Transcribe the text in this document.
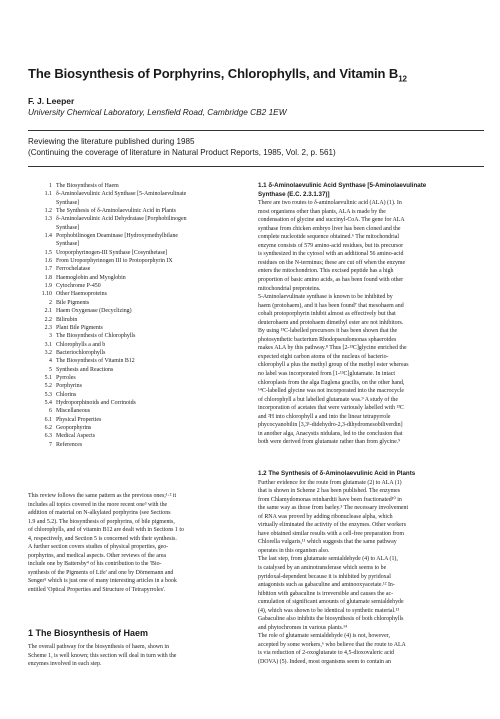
The Biosynthesis of Porphyrins, Chlorophylls, and Vitamin $B_{12}$
F. J. Leeper
University Chemical Laboratory, Lensfield Road, Cambridge CB2 1EW
Reviewing the literature published during 1985
(Continuing the coverage of literature in Natural Product Reports, 1985, Vol. 2, p. 561)
1 The Biosynthesis of Haem
1.1 δ-Aminolaevulinic Acid Synthase [5-Aminolaevulinate
Synthase]
1.2 The Synthesis of δ-Aminolaevulinic Acid in Plants
1.3 δ-Aminolaevulinic Acid Dehydratase [Porphobilinogen
Synthase]
1.4 Porphobilinogen Deaminase [Hydroxymethylbilane
Synthase]
1.5 Uroporphyrinogen-III Synthase [Cosynthetase]
1.6 From Uroporphyrinogen III to Protoporphyrin IX
1.7 Ferrochelatase
1.8 Haemoglobin and Myoglobin
1.9 Cytochrome P-450
1.10 Other Haemoproteins
2 Bile Pigments
2.1 Haem Oxygenase (Decyclizing)
2.2 Bilirubin
2.3 Plant Bile Pigments
3 The Biosynthesis of Chlorophylls
3.1 Chlorophylls a and b
3.2 Bacteriochlorophylls
4 The Biosynthesis of Vitamin B12
5 Synthesis and Reactions
5.1 Pyrroles
5.2 Porphyrins
5.3 Chlorins
5.4 Hydroporphinoids and Corrinoids
6 Miscellaneous
6.1 Physical Properties
6.2 Geoporphyrins
6.3 Medical Aspects
7 References
This review follows the same pattern as the previous ones;¹·² it
includes all topics covered in the more recent one³ with the
addition of material on N-alkylated porphyrins (see Sections
1.9 and 5.2). The biosynthesis of porphyrins, of bile pigments,
of chlorophylls, and of vitamin B12 are dealt with in Sections 1 to
4, respectively, and Section 5 is concerned with their synthesis.
A further section covers studies of physical properties, geo-
porphyrins, and medical aspects. Other reviews of the area
include one by Battersby⁴ of his contribution to the 'Bio-
synthesis of the Pigments of Life' and one by Dörnemann and
Senger⁵ which is just one of many interesting articles in a book
entitled 'Optical Properties and Structure of Tetrapyrroles'.
1 The Biosynthesis of Haem
The overall pathway for the biosynthesis of haem, shown in
Scheme 1, is well known; this section will deal in turn with the
enzymes involved in each step.
1.1 δ-Aminolaevulinic Acid Synthase [5-Aminolaevulinate
Synthase (E.C. 2.3.1.37)]
There are two routes to δ-aminolaevulinic acid (ALA) (1). In
most organisms other than plants, ALA is made by the
condensation of glycine and succinyl-CoA. The gene for ALA
synthase from chicken embryo liver has been cloned and the
complete nucleotide sequence obtained.⁶ The mitochondrial
enzyme consists of 579 amino-acid residues, but its precursor
is synthesized in the cytosol with an additional 56 amino-acid
residues on the N-terminus; these are cut off when the enzyme
enters the mitochondrion. This excised peptide has a high
proportion of basic amino acids, as has been found with other
mitochondrial preproteins.
5-Aminolaevulinate synthase is known to be inhibited by
haem (protohaem), and it has been found⁷ that mesohaem and
cobalt protoporphyrin inhibit almost as effectively but that
deuterohaem and protohaem dimethyl ester are not inhibitors.
By using ¹³C-labelled precursors it has been shown that the
photosynthetic bacterium Rhodopseudomonas sphaeroides
makes ALA by this pathway.⁸ Thus [2-¹³C]glycine enriched the
expected eight carbon atoms of the nucleus of bacterio-
chlorophyll a plus the methyl group of the methyl ester whereas
no label was incorporated from [1-¹³C]glutamate. In intact
chloroplasts from the alga Euglena gracilis, on the other hand,
¹⁴C-labelled glycine was not incorporated into the macrocycle
of chlorophyll a but labelled glutamate was.⁹ A study of the
incorporation of acetates that were variously labelled with ¹³C
and ²H into chlorophyll a and into the linear tetrapyrrole
phycocyanobilin [3,3¹-didehydro-2,3-dihydromesobiliverdin]
in another alga, Anacystis nidulans, led to the conclusion that
both were derived from glutamate rather than from glycine.⁹
1.2 The Synthesis of δ-Aminolaevulinic Acid in Plants
Further evidence for the route from glutamate (2) to ALA (1)
that is shown in Scheme 2 has been published. The enzymes
from Chlamydomonas reinhardtii have been fractionated¹⁰ in
the same way as those from barley.³ The necessary involvement
of RNA was proved by adding ribonuclease alpha, which
virtually eliminated the activity of the enzymes. Other workers
have obtained similar results with a cell-free preparation from
Chlorella vulgaris,¹¹ which suggests that the same pathway
operates in this organism also.
The last step, from glutamate semialdehyde (4) to ALA (1),
is catalysed by an aminotransferase which seems to be
pyridoxal-dependent because it is inhibited by pyridoxal
antagonists such as gabaculine and aminooxyacetate.¹² In-
hibition with gabaculine is irreversible and causes the ac-
cumulation of significant amounts of glutamate semialdehyde
(4), which was shown to be identical to synthetic material.¹³
Gabaculine also inhibits the biosynthesis of both chlorophylls
and phytochromes in various plants.¹⁴
The role of glutamate semialdehyde (4) is not, however,
accepted by some workers,⁶ who believe that the route to ALA
is via reduction of 2-oxoglutarate to 4,5-dioxovaleric acid
(DOVA) (5). Indeed, most organisms seem to contain an
